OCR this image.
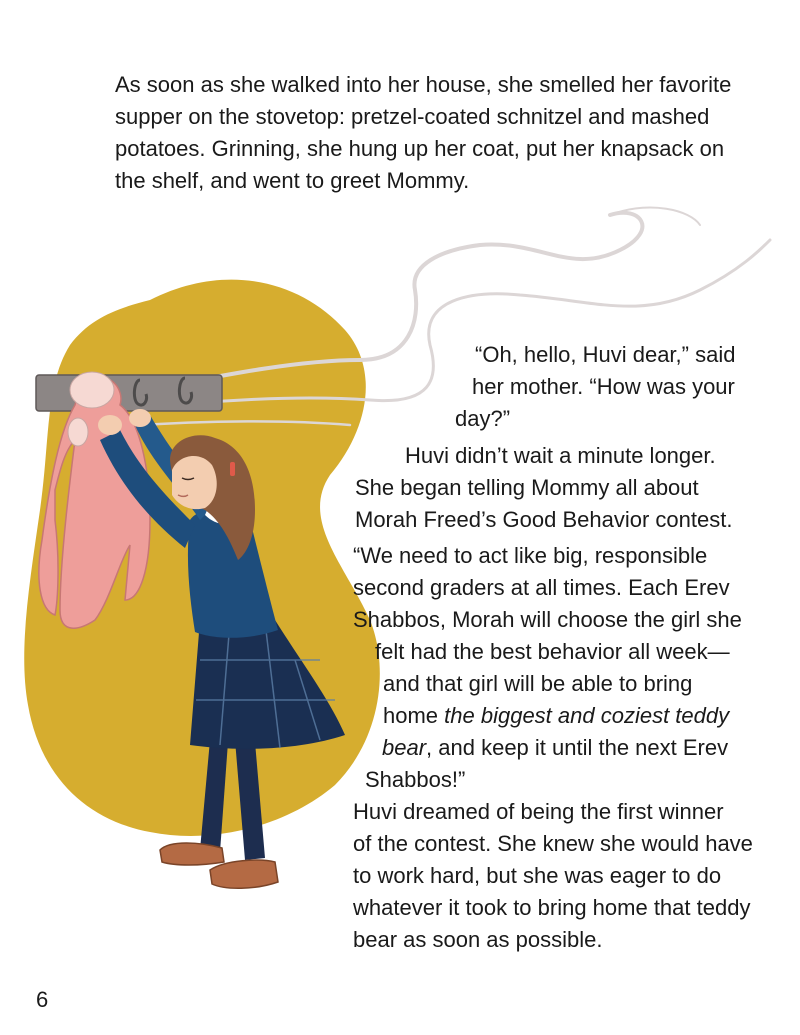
As soon as she walked into her house, she smelled her favorite
supper on the stovetop: pretzel-coated schnitzel and mashed
potatoes. Grinning, she hung up her coat, put her knapsack on
the shelf, and went to greet Mommy.
“Oh, hello, Huvi dear,” said
her mother. “How was your
day?”
Huvi didn’t wait a minute longer.
She began telling Mommy all about
Morah Freed’s Good Behavior contest.
“We need to act like big, responsible
second graders at all times. Each Erev
Shabbos, Morah will choose the girl she
felt had the best behavior all week—
and that girl will be able to bring
home the biggest and coziest teddy
bear, and keep it until the next Erev
Shabbos!”
Huvi dreamed of being the first winner
of the contest. She knew she would have
to work hard, but she was eager to do
whatever it took to bring home that teddy
bear as soon as possible.
6
